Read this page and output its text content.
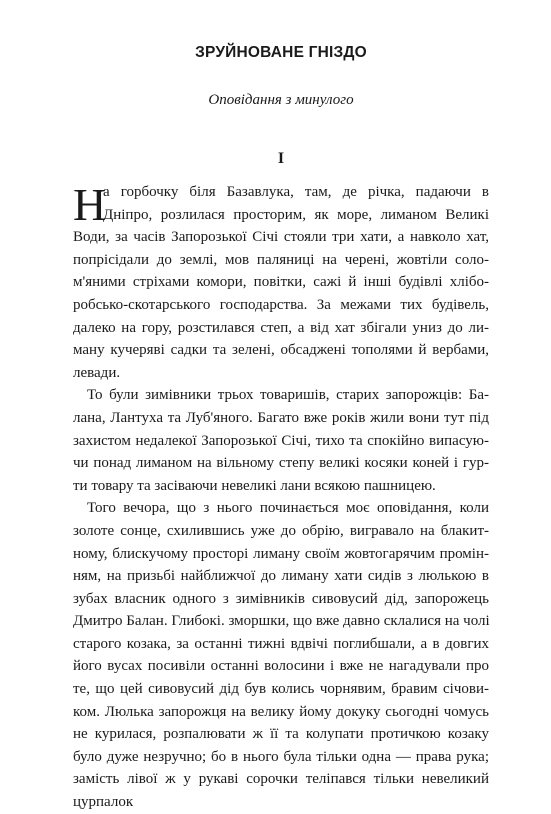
ЗРУЙНОВАНЕ ГНІЗДО

Оповідання з минулого

I

Н
а горбочку біля Базавлука, там, де річка, падаючи в
Дніпро, розлилася просторим, як море, лиманом Великі
Води, за часів Запорозької Січі стояли три хати, а навколо хат,
попрісідали до землі, мов паляниці на черені, жовтіли соло-
м'яними стріхами комори, повітки, сажі й інші будівлі хлібо-
робсько-скотарського господарства. За межами тих будівель,
далеко на гору, розстилався степ, а від хат збігали униз до ли-
ману кучеряві садки та зелені, обсаджені тополями й вербами,
левади.
То були зимівники трьох товаришів, старих запорожців: Ба-
лана, Лантуха та Луб'яного. Багато вже років жили вони тут під
захистом недалекої Запорозької Січі, тихо та спокійно випасую-
чи понад лиманом на вільному степу великі косяки коней і гур-
ти товару та засіваючи невеликі лани всякою пашницею.
Того вечора, що з нього починається моє оповідання, коли
золоте сонце, схилившись уже до обрію, вигравало на блакит-
ному, блискучому просторі лиману своїм жовтогарячим промін-
ням, на призьбі найближчої до лиману хати сидів з люлькою в
зубах власник одного з зимівників сивовусий дід, запорожець
Дмитро Балан. Глибокі. зморшки, що вже давно склалися на чолі
старого козака, за останні тижні вдвічі поглибшали, а в довгих
його вусах посивіли останні волосини і вже не нагадували про
те, що цей сивовусий дід був колись чорнявим, бравим січови-
ком. Люлька запорожця на велику йому докуку сьогодні чомусь
не курилася, розпалювати ж її та колупати протичкою козаку
було дуже незручно; бо в нього була тільки одна — права рука;
замість лівої ж у рукаві сорочки теліпався тільки невеликий
цурпалок
